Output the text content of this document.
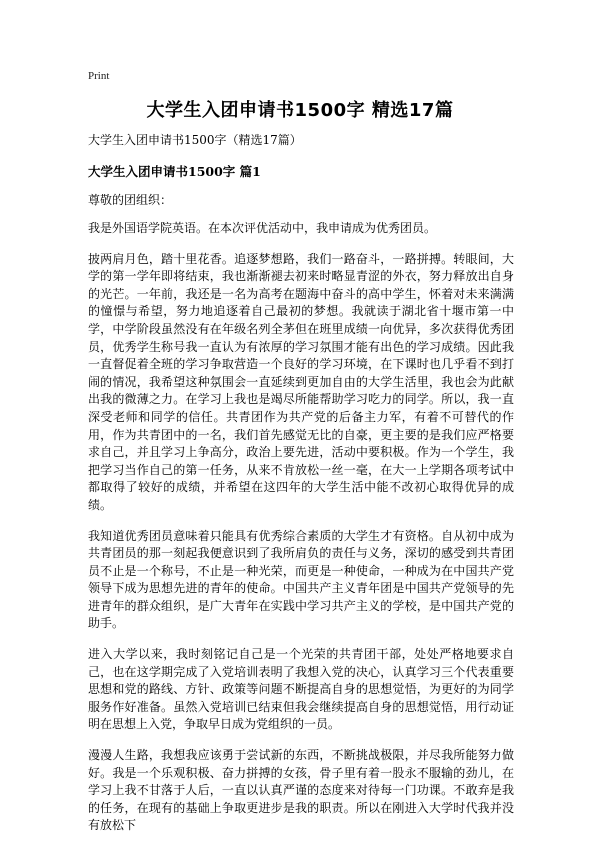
Print
大学生入团申请书1500字 精选17篇
大学生入团申请书1500字（精选17篇）
大学生入团申请书1500字 篇1
尊敬的团组织：

我是外国语学院英语。在本次评优活动中，我申请成为优秀团员。

披两肩月色，踏十里花香。追逐梦想路，我们一路奋斗，一路拼搏。转眼间，大学的第一学年即将结束，我也渐渐褪去初来时略显青涩的外衣，努力释放出自身的光芒。一年前，我还是一名为高考在题海中奋斗的高中学生，怀着对未来满满的憧憬与希望，努力地追逐着自己最初的梦想。我就读于湖北省十堰市第一中学，中学阶段虽然没有在年级名列全茅但在班里成绩一向优异，多次获得优秀团员，优秀学生称号我一直认为有浓厚的学习氛围才能有出色的学习成绩。因此我一直督促着全班的学习争取营造一个良好的学习环境，在下课时也几乎看不到打闹的情况，我希望这种氛围会一直延续到更加自由的大学生活里，我也会为此献出我的微薄之力。在学习上我也是竭尽所能帮助学习吃力的同学。所以，我一直深受老师和同学的信任。共青团作为共产党的后备主力军，有着不可替代的作用，作为共青团中的一名，我们首先感觉无比的自豪，更主要的是我们应严格要求自己，并且学习上争高分，政治上要先进，活动中要积极。作为一个学生，我把学习当作自己的第一任务，从来不肯放松一丝一毫，在大一上学期各项考试中都取得了较好的成绩，并希望在这四年的大学生活中能不改初心取得优异的成绩。

我知道优秀团员意味着只能具有优秀综合素质的大学生才有资格。自从初中成为共青团员的那一刻起我便意识到了我所肩负的责任与义务，深切的感受到共青团员不止是一个称号，不止是一种光荣，而更是一种使命，一种成为在中国共产党领导下成为思想先进的青年的使命。中国共产主义青年团是中国共产党领导的先进青年的群众组织，是广大青年在实践中学习共产主义的学校，是中国共产党的助手。

进入大学以来，我时刻铭记自己是一个光荣的共青团干部，处处严格地要求自己，也在这学期完成了入党培训表明了我想入党的决心，认真学习三个代表重要思想和党的路线、方针、政策等问题不断提高自身的思想觉悟，为更好的为同学服务作好准备。虽然入党培训已结束但我会继续提高自身的思想觉悟，用行动证明在思想上入党，争取早日成为党组织的一员。

漫漫人生路，我想我应该勇于尝试新的东西，不断挑战极限，并尽我所能努力做好。我是一个乐观积极、奋力拼搏的女孩，骨子里有着一股永不服输的劲儿，在学习上我不甘落于人后，一直以认真严谨的态度来对待每一门功课。不敢弃是我的任务，在现有的基础上争取更进步是我的职责。所以在刚进入大学时代我并没有放松下
